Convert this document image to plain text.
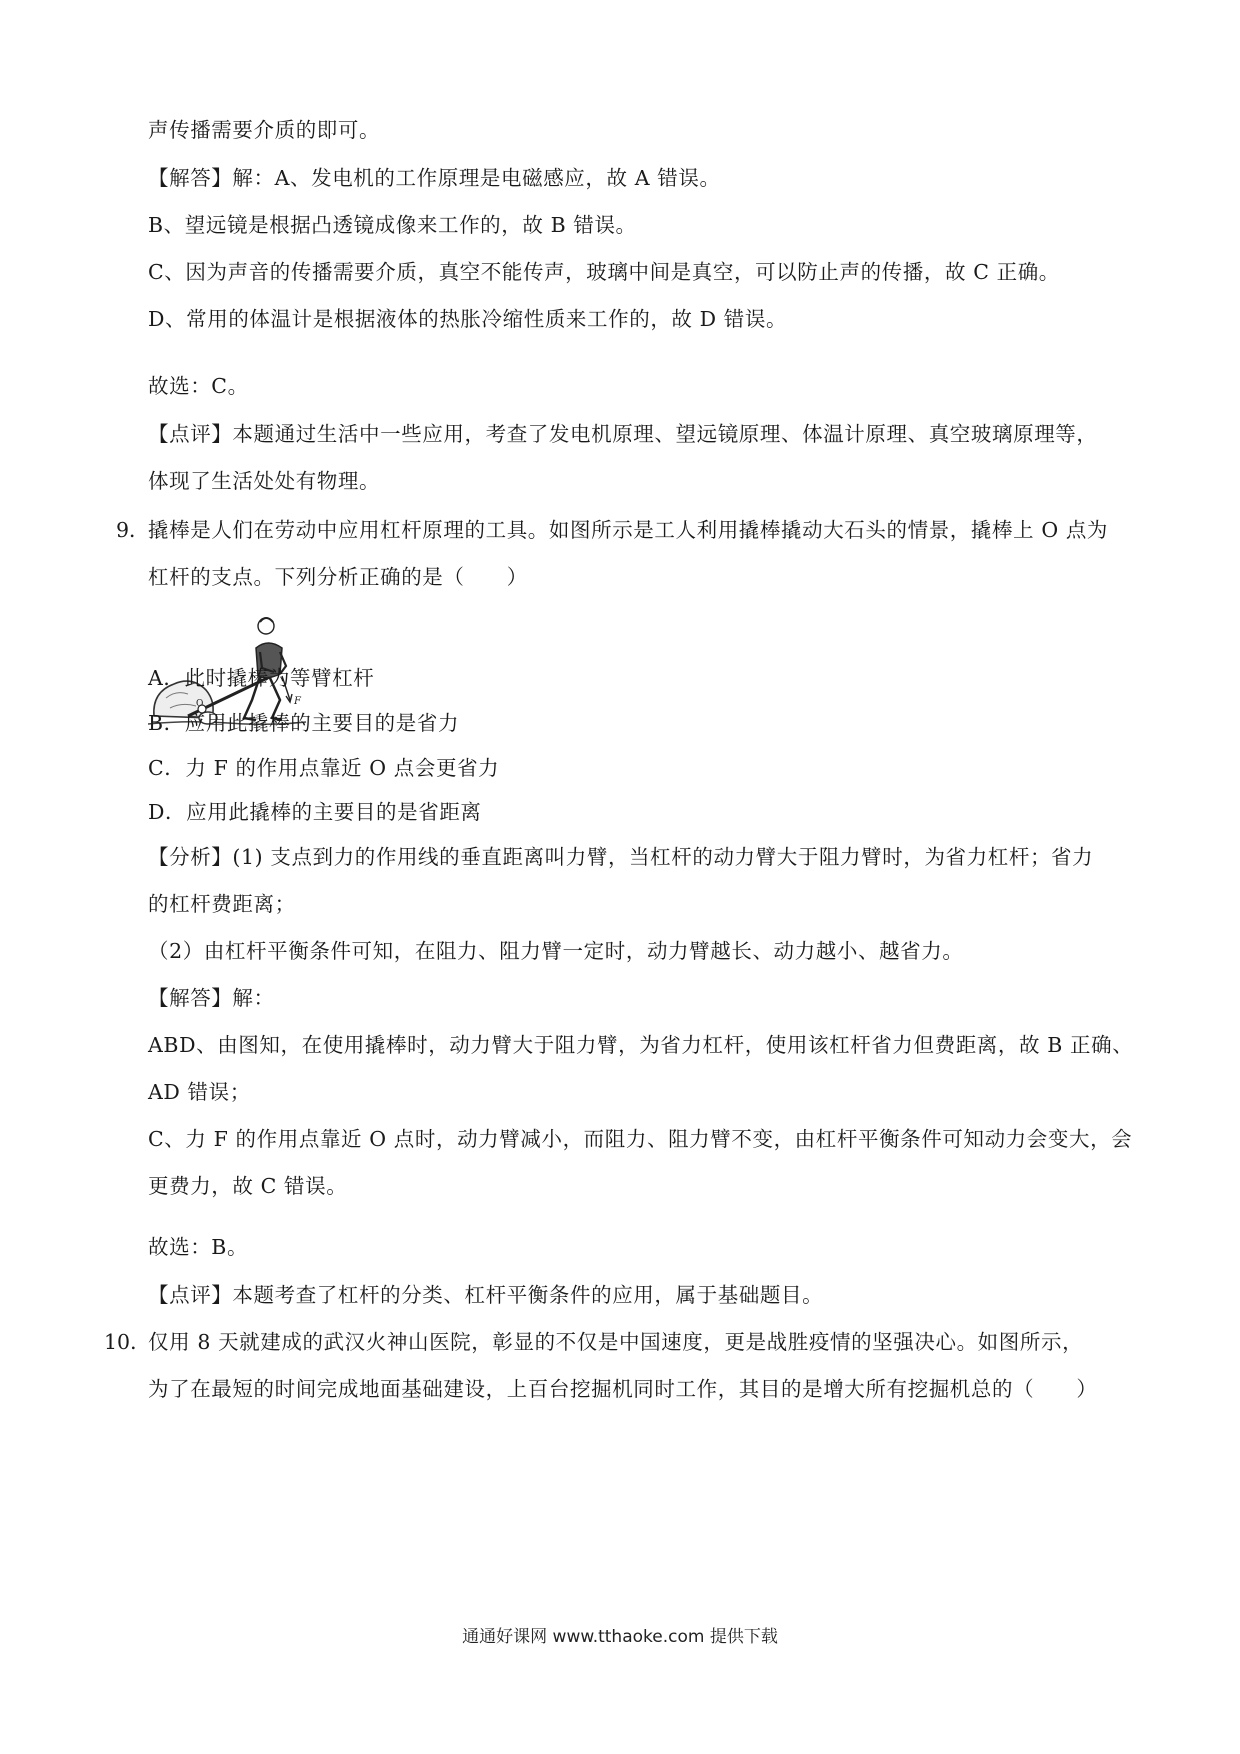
声传播需要介质的即可。
【解答】解：A、发电机的工作原理是电磁感应，故 A 错误。
B、望远镜是根据凸透镜成像来工作的，故 B 错误。
C、因为声音的传播需要介质，真空不能传声，玻璃中间是真空，可以防止声的传播，故 C 正确。
D、常用的体温计是根据液体的热胀冷缩性质来工作的，故 D 错误。
故选：C。
【点评】本题通过生活中一些应用，考查了发电机原理、望远镜原理、体温计原理、真空玻璃原理等，
体现了生活处处有物理。
9．
撬棒是人们在劳动中应用杠杆原理的工具。如图所示是工人利用撬棒撬动大石头的情景，撬棒上 O 点为
杠杆的支点。下列分析正确的是（　　）
O	F
A．此时撬棒为等臂杠杆
B．应用此撬棒的主要目的是省力
C．力 F 的作用点靠近 O 点会更省力
D．应用此撬棒的主要目的是省距离
【分析】(1) 支点到力的作用线的垂直距离叫力臂，当杠杆的动力臂大于阻力臂时，为省力杠杆；省力
的杠杆费距离；
（2）由杠杆平衡条件可知，在阻力、阻力臂一定时，动力臂越长、动力越小、越省力。
【解答】解：
ABD、由图知，在使用撬棒时，动力臂大于阻力臂，为省力杠杆，使用该杠杆省力但费距离，故 B 正确、
AD 错误；
C、力 F 的作用点靠近 O 点时，动力臂减小，而阻力、阻力臂不变，由杠杆平衡条件可知动力会变大，会
更费力，故 C 错误。
故选：B。
【点评】本题考查了杠杆的分类、杠杆平衡条件的应用，属于基础题目。
10．
仅用 8 天就建成的武汉火神山医院，彰显的不仅是中国速度，更是战胜疫情的坚强决心。如图所示，
为了在最短的时间完成地面基础建设，上百台挖掘机同时工作，其目的是增大所有挖掘机总的（　　）
通通好课网 www.tthaoke.com 提供下载
